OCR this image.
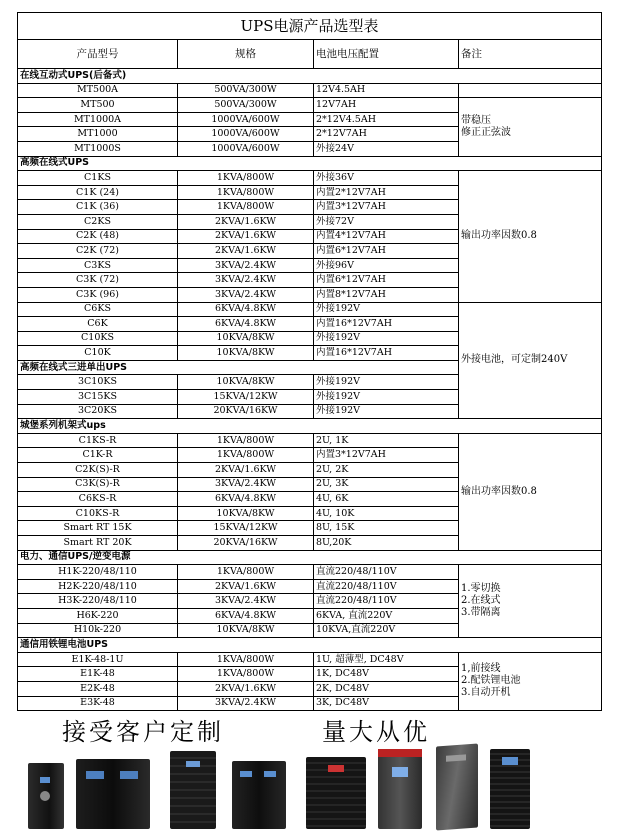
UPS电源产品选型表				
产品型号	规格	电池电压配置	备注	
在线互动式UPS(后备式)				
MT500A	500VA/300W	12V4.5AH		
MT500	500VA/300W	12V7AH	带稳压
修正正弦波	
MT1000A	1000VA/600W	2*12V4.5AH		
MT1000	1000VA/600W	2*12V7AH		
MT1000S	1000VA/600W	外接24V		
高频在线式UPS				
C1KS	1KVA/800W	外接36V	输出功率因数0.8	
C1K (24)	1KVA/800W	内置2*12V7AH		
C1K (36)	1KVA/800W	内置3*12V7AH		
C2KS	2KVA/1.6KW	外接72V		
C2K (48)	2KVA/1.6KW	内置4*12V7AH		
C2K (72)	2KVA/1.6KW	内置6*12V7AH		
C3KS	3KVA/2.4KW	外接96V		
C3K (72)	3KVA/2.4KW	内置6*12V7AH		
C3K (96)	3KVA/2.4KW	内置8*12V7AH		
C6KS	6KVA/4.8KW	外接192V	外接电池，可定制240V	
C6K	6KVA/4.8KW	内置16*12V7AH		
C10KS	10KVA/8KW	外接192V		
C10K	10KVA/8KW	内置16*12V7AH		
高频在线式三进单出UPS				
3C10KS	10KVA/8KW	外接192V		
3C15KS	15KVA/12KW	外接192V		
3C20KS	20KVA/16KW	外接192V		
城堡系列机架式ups				
C1KS-R	1KVA/800W	2U, 1K	输出功率因数0.8	
C1K-R	1KVA/800W	内置3*12V7AH		
C2K(S)-R	2KVA/1.6KW	2U, 2K		
C3K(S)-R	3KVA/2.4KW	2U, 3K		
C6KS-R	6KVA/4.8KW	4U, 6K		
C10KS-R	10KVA/8KW	4U, 10K		
Smart RT 15K	15KVA/12KW	8U, 15K		
Smart RT 20K	20KVA/16KW	8U,20K		
电力、通信UPS/逆变电源				
H1K-220/48/110	1KVA/800W	直流220/48/110V	1.零切换
2.在线式
3.带隔离	
H2K-220/48/110	2KVA/1.6KW	直流220/48/110V		
H3K-220/48/110	3KVA/2.4KW	直流220/48/110V		
H6K-220	6KVA/4.8KW	6KVA, 直流220V		
H10k-220	10KVA/8KW	10KVA,直流220V		
通信用铁锂电池UPS				
E1K-48-1U	1KVA/800W	1U, 超薄型, DC48V	1,前接线
2.配铁锂电池
3.自动开机	
E1K-48	1KVA/800W	1K, DC48V		
E2K-48	2KVA/1.6KW	2K, DC48V		
E3K-48	3KVA/2.4KW	3K, DC48V		
接受客户定制	量大从优
